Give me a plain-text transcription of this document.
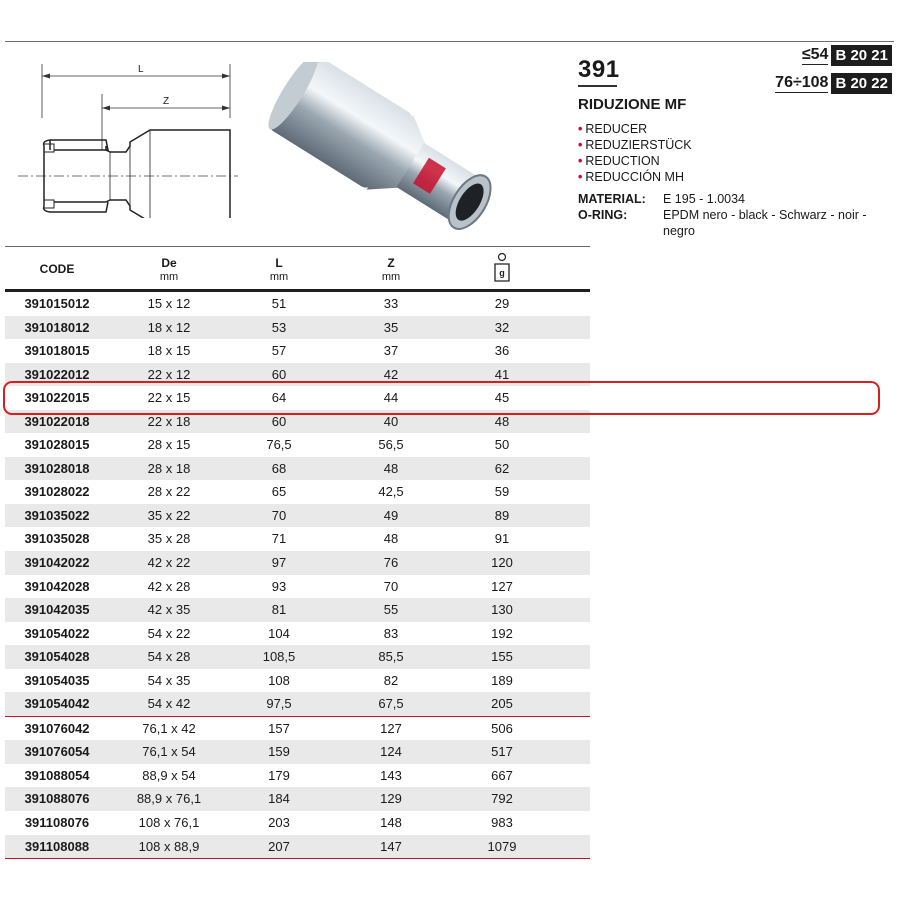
L
Z
391
RIDUZIONE MF
• REDUCER
• REDUZIERSTÜCK
• REDUCTION
• REDUCCIÓN MH
MATERIAL: E 195 - 1.0034
O-RING:	EPDM nero - black - Schwarz - noir -
negro
≤54 B 20 21
76÷108 B 20 22
CODE	De
mm
L
mm
Z
mm	g
391015012	15 x 12	51	33	29
391018012	18 x 12	53	35	32
391018015	18 x 15	57	37	36
391022012	22 x 12	60	42	41
391022015	22 x 15	64	44	45
391022018	22 x 18	60	40	48
391028015	28 x 15	76,5	56,5	50
391028018	28 x 18	68	48	62
391028022	28 x 22	65	42,5	59
391035022	35 x 22	70	49	89
391035028	35 x 28	71	48	91
391042022	42 x 22	97	76	120
391042028	42 x 28	93	70	127
391042035	42 x 35	81	55	130
391054022	54 x 22	104	83	192
391054028	54 x 28	108,5	85,5	155
391054035	54 x 35	108	82	189
391054042	54 x 42	97,5	67,5	205
391076042	76,1 x 42	157	127	506
391076054	76,1 x 54	159	124	517
391088054	88,9 x 54	179	143	667
391088076	88,9 x 76,1	184	129	792
391108076	108 x 76,1	203	148	983
391108088	108 x 88,9	207	147	1079
